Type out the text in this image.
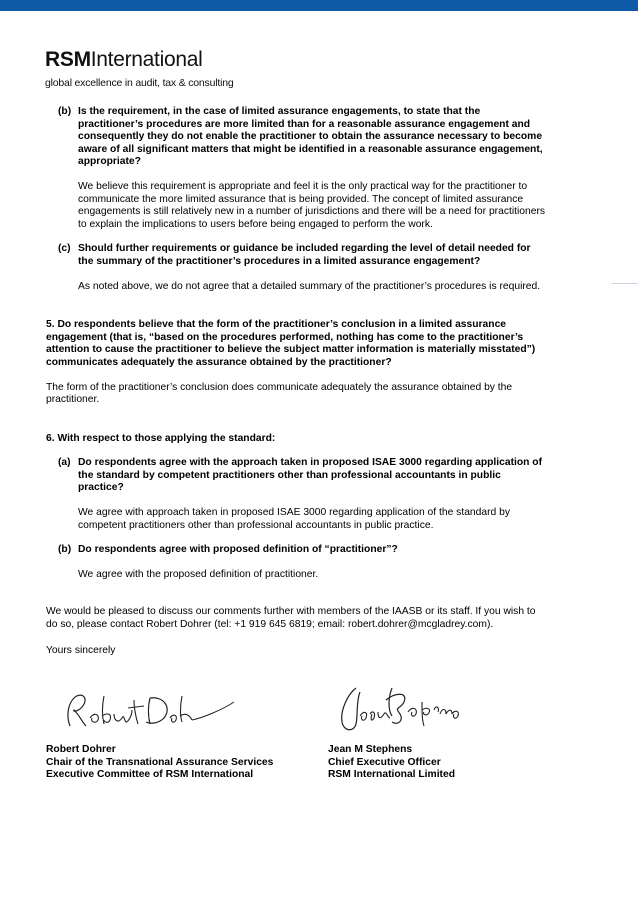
RSMInternational
global excellence in audit, tax & consulting
(b) Is the requirement, in the case of limited assurance engagements, to state that the practitioner’s procedures are more limited than for a reasonable assurance engagement and consequently they do not enable the practitioner to obtain the assurance necessary to become aware of all significant matters that might be identified in a reasonable assurance engagement, appropriate?

We believe this requirement is appropriate and feel it is the only practical way for the practitioner to communicate the more limited assurance that is being provided. The concept of limited assurance engagements is still relatively new in a number of jurisdictions and there will be a need for practitioners to explain the implications to users before being engaged to perform the work.

(c) Should further requirements or guidance be included regarding the level of detail needed for the summary of the practitioner’s procedures in a limited assurance engagement?

As noted above, we do not agree that a detailed summary of the practitioner’s procedures is required.

5. Do respondents believe that the form of the practitioner’s conclusion in a limited assurance engagement (that is, “based on the procedures performed, nothing has come to the practitioner’s attention to cause the practitioner to believe the subject matter information is materially misstated”) communicates adequately the assurance obtained by the practitioner?

The form of the practitioner’s conclusion does communicate adequately the assurance obtained by the practitioner.

6. With respect to those applying the standard:

(a) Do respondents agree with the approach taken in proposed ISAE 3000 regarding application of the standard by competent practitioners other than professional accountants in public practice?

We agree with approach taken in proposed ISAE 3000 regarding application of the standard by competent practitioners other than professional accountants in public practice.

(b) Do respondents agree with proposed definition of “practitioner”?

We agree with the proposed definition of practitioner.

We would be pleased to discuss our comments further with members of the IAASB or its staff. If you wish to do so, please contact Robert Dohrer (tel: +1 919 645 6819; email: robert.dohrer@mcgladrey.com).

Yours sincerely

Robert Dohrer
Chair of the Transnational Assurance Services
Executive Committee of RSM International
Jean M Stephens
Chief Executive Officer
RSM International Limited
